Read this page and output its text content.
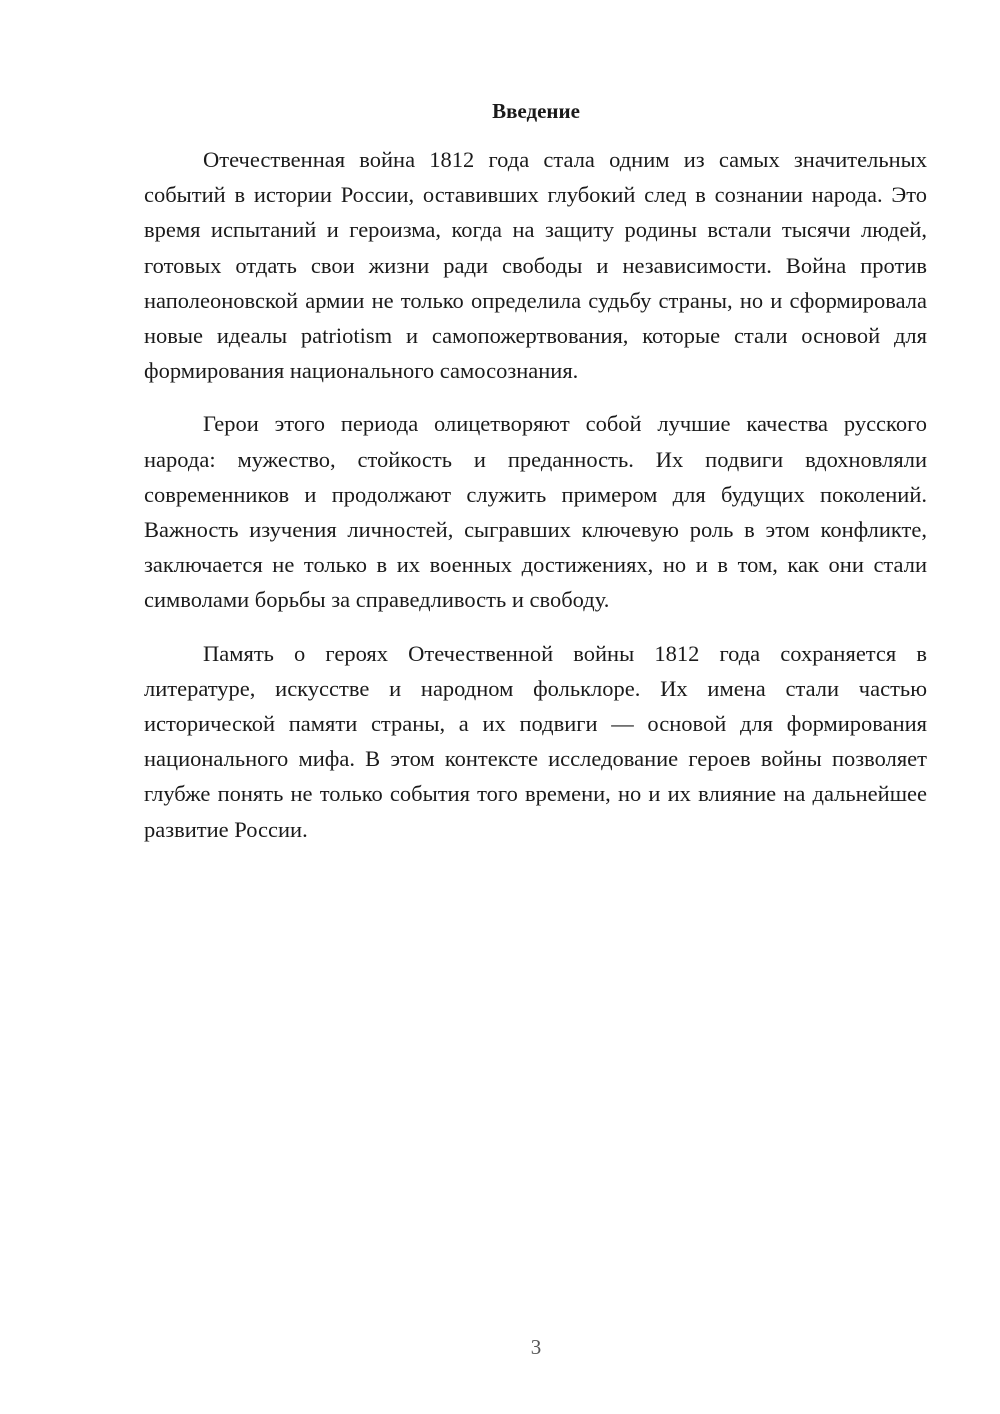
Введение

Отечественная война 1812 года стала одним из самых значительных событий в истории России, оставивших глубокий след в сознании народа. Это время испытаний и героизма, когда на защиту родины встали тысячи людей, готовых отдать свои жизни ради свободы и независимости. Война против наполеоновской армии не только определила судьбу страны, но и сформировала новые идеалы patriotism и самопожертвования, которые стали основой для формирования национального самосознания.

Герои этого периода олицетворяют собой лучшие качества русского народа: мужество, стойкость и преданность. Их подвиги вдохновляли современников и продолжают служить примером для будущих поколений. Важность изучения личностей, сыгравших ключевую роль в этом конфликте, заключается не только в их военных достижениях, но и в том, как они стали символами борьбы за справедливость и свободу.

Память о героях Отечественной войны 1812 года сохраняется в литературе, искусстве и народном фольклоре. Их имена стали частью исторической памяти страны, а их подвиги — основой для формирования национального мифа. В этом контексте исследование героев войны позволяет глубже понять не только события того времени, но и их влияние на дальнейшее развитие России.

3
